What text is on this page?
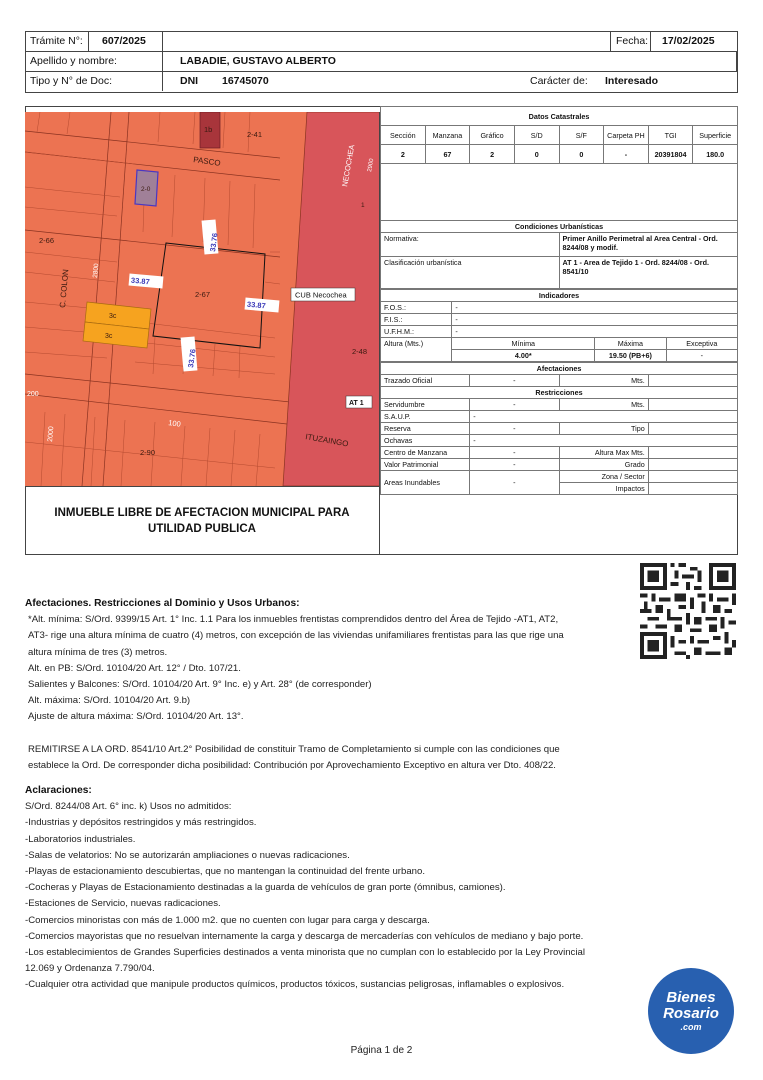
Trámite N°:	607/2025	Fecha:	17/02/2025
Apellido y nombre:	LABADIE, GUSTAVO ALBERTO
Tipo y N° de Doc:	DNI	16745070	Carácter de:	Interesado
1b
2-41
PASCO
2-0
2-66
C. COLON	2800
2-67
3c
3c
2-48
200
2000
100
2-90
ITUZAINGO
1
33.76
33.87
33.87
33.76
NECOCHEA 2900
CUB Necochea
AT 1
INMUEBLE LIBRE DE AFECTACION MUNICIPAL PARA UTILIDAD PUBLICA
Datos Catastrales							
Sección	Manzana	Gráfico	S/D	S/F	Carpeta PH	TGI	Superficie
2	67	2	0	0	-	20391804	180.0

Condiciones Urbanísticas	
Normativa:	Primer Anillo Perimetral al Area Central - Ord. 8244/08 y modif.
Clasificación urbanística	AT 1 - Area de Tejido 1 - Ord. 8244/08 - Ord. 8541/10
Indicadores			
F.O.S.:	-		
F.I.S.:	-		
U.F.H.M.:	-		
Altura (Mts.)	Mínima	Máxima	Exceptiva
	4.00*	19.50 (PB+6)	-
Afectaciones			
Trazado Oficial	-	Mts.	
Restricciones			
Servidumbre	-	Mts.	
S.A.U.P.	-		
Reserva	-	Tipo	
Ochavas	-		
Centro de Manzana	-	Altura Max Mts.	
Valor Patrimonial	-	Grado	
Areas Inundables	-	Zona / Sector	
		Impactos	
Afectaciones. Restricciones al Dominio y Usos Urbanos:
*Alt. mínima: S/Ord. 9399/15 Art. 1° Inc. 1.1 Para los inmuebles frentistas comprendidos dentro del Área de Tejido -AT1, AT2,
AT3- rige una altura mínima de cuatro (4) metros, con excepción de las viviendas unifamiliares frentistas para las que rige una
altura mínima de tres (3) metros.
Alt. en PB: S/Ord. 10104/20 Art. 12° / Dto. 107/21.
Salientes y Balcones: S/Ord. 10104/20 Art. 9° Inc. e) y Art. 28° (de corresponder)
Alt. máxima: S/Ord. 10104/20 Art. 9.b)
Ajuste de altura máxima: S/Ord. 10104/20 Art. 13°.
REMITIRSE A LA ORD. 8541/10 Art.2° Posibilidad de constituir Tramo de Completamiento si cumple con las condiciones que
establece la Ord. De corresponder dicha posibilidad: Contribución por Aprovechamiento Exceptivo en altura ver Dto. 408/22.
Aclaraciones:
S/Ord. 8244/08 Art. 6° inc. k) Usos no admitidos:
-Industrias y depósitos restringidos y más restringidos.
-Laboratorios industriales.
-Salas de velatorios: No se autorizarán ampliaciones o nuevas radicaciones.
-Playas de estacionamiento descubiertas, que no mantengan la continuidad del frente urbano.
-Cocheras y Playas de Estacionamiento destinadas a la guarda de vehículos de gran porte (ómnibus, camiones).
-Estaciones de Servicio, nuevas radicaciones.
-Comercios minoristas con más de 1.000 m2. que no cuenten con lugar para carga y descarga.
-Comercios mayoristas que no resuelvan internamente la carga y descarga de mercaderías con vehículos de mediano y bajo porte.
-Los establecimientos de Grandes Superficies destinados a venta minorista que no cumplan con lo establecido por la Ley Provincial
12.069 y Ordenanza 7.790/04.
-Cualquier otra actividad que manipule productos químicos, productos tóxicos, sustancias peligrosas, inflamables o explosivos.
Bienes
Rosario
.com
Página 1 de 2
